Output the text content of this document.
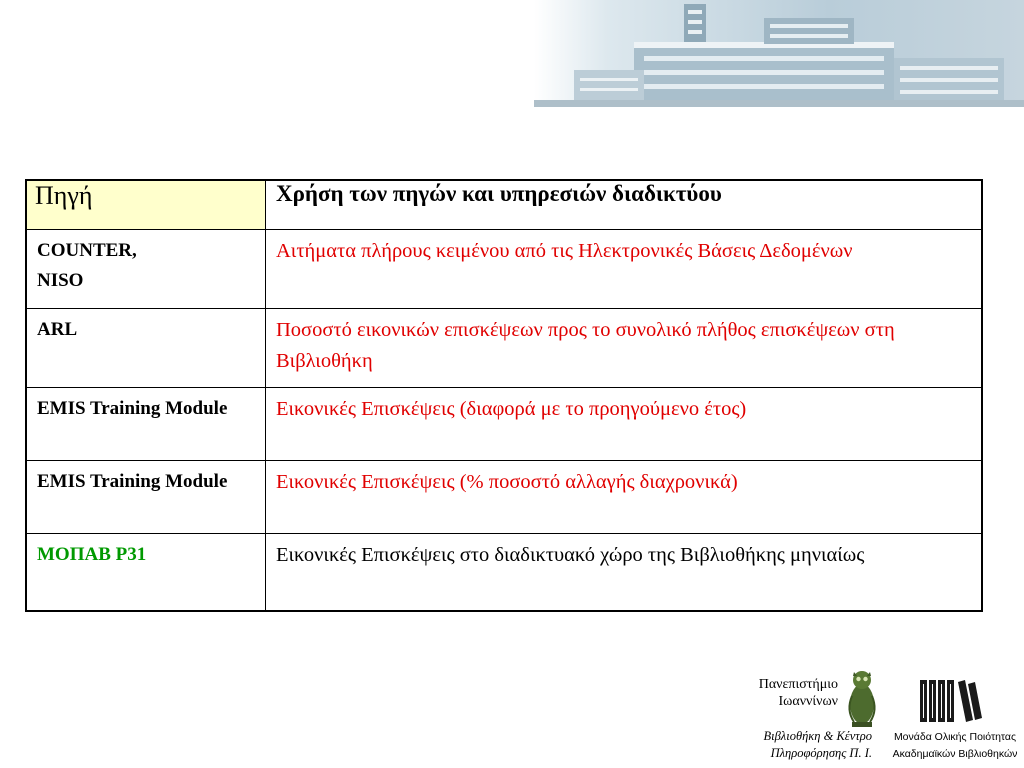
Πηγή	Χρήση των πηγών και υπηρεσιών διαδικτύου
COUNTER,
NISO	Αιτήματα πλήρους κειμένου από τις Ηλεκτρονικές Βάσεις Δεδομένων
ARL	Ποσοστό εικονικών επισκέψεων προς το συνολικό πλήθος επισκέψεων στη Βιβλιοθήκη
EMIS Training Module	Εικονικές Επισκέψεις (διαφορά με το προηγούμενο έτος)
EMIS Training Module	Εικονικές Επισκέψεις (% ποσοστό αλλαγής διαχρονικά)
ΜΟΠΑΒ Ρ31	Εικονικές Επισκέψεις στο διαδικτυακό χώρο της Βιβλιοθήκης μηνιαίως
Πανεπιστήμιο
Ιωαννίνων
Βιβλιοθήκη & Κέντρο
Πληροφόρησης Π. Ι.
Μονάδα Ολικής Ποιότητας
Ακαδημαϊκών Βιβλιοθηκών
